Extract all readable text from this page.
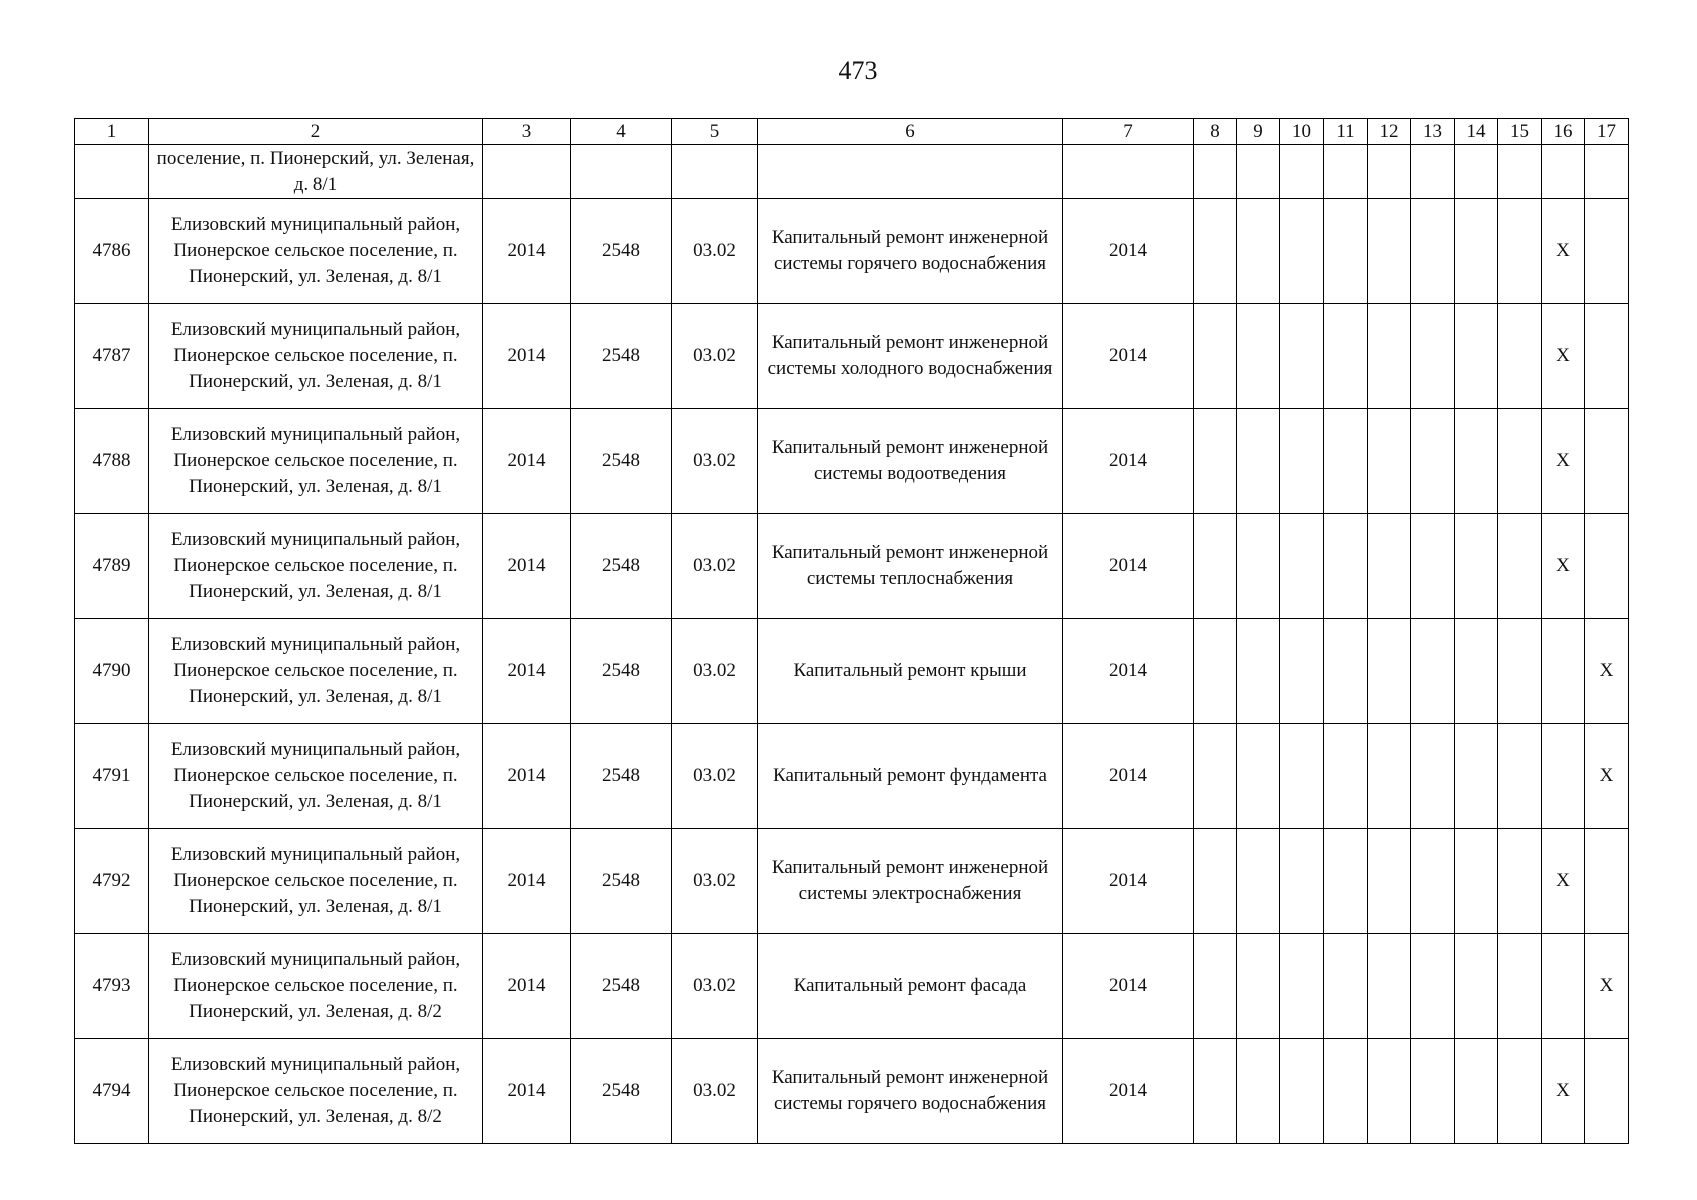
473
1	2	3	4	5	6	7	8	9	10	11	12	13	14	15	16	17
	поселение, п. Пионерский, ул. Зеленая, д. 8/1															
4786	Елизовский муниципальный район, Пионерское сельское поселение, п. Пионерский, ул. Зеленая, д. 8/1	2014	2548	03.02	Капитальный ремонт инженерной системы горячего водоснабжения	2014									X	
4787	Елизовский муниципальный район, Пионерское сельское поселение, п. Пионерский, ул. Зеленая, д. 8/1	2014	2548	03.02	Капитальный ремонт инженерной системы холодного водоснабжения	2014									X	
4788	Елизовский муниципальный район, Пионерское сельское поселение, п. Пионерский, ул. Зеленая, д. 8/1	2014	2548	03.02	Капитальный ремонт инженерной системы водоотведения	2014									X	
4789	Елизовский муниципальный район, Пионерское сельское поселение, п. Пионерский, ул. Зеленая, д. 8/1	2014	2548	03.02	Капитальный ремонт инженерной системы теплоснабжения	2014									X	
4790	Елизовский муниципальный район, Пионерское сельское поселение, п. Пионерский, ул. Зеленая, д. 8/1	2014	2548	03.02	Капитальный ремонт крыши	2014										X
4791	Елизовский муниципальный район, Пионерское сельское поселение, п. Пионерский, ул. Зеленая, д. 8/1	2014	2548	03.02	Капитальный ремонт фундамента	2014										X
4792	Елизовский муниципальный район, Пионерское сельское поселение, п. Пионерский, ул. Зеленая, д. 8/1	2014	2548	03.02	Капитальный ремонт инженерной системы электроснабжения	2014									X	
4793	Елизовский муниципальный район, Пионерское сельское поселение, п. Пионерский, ул. Зеленая, д. 8/2	2014	2548	03.02	Капитальный ремонт фасада	2014										X
4794	Елизовский муниципальный район, Пионерское сельское поселение, п. Пионерский, ул. Зеленая, д. 8/2	2014	2548	03.02	Капитальный ремонт инженерной системы горячего водоснабжения	2014									X	
